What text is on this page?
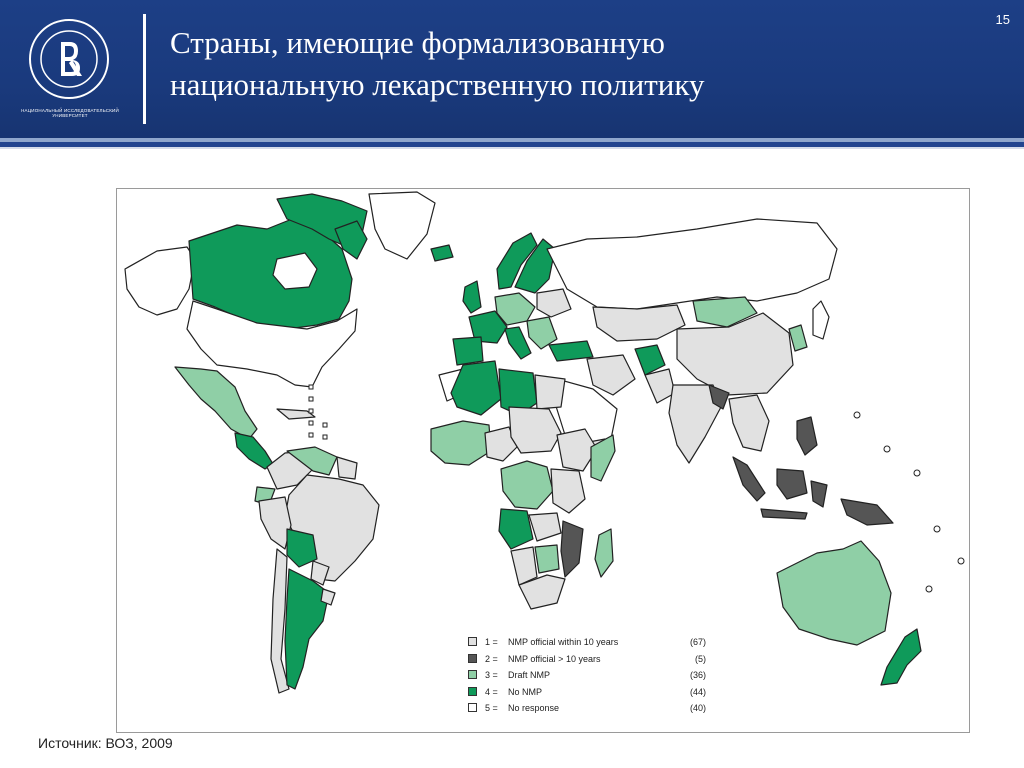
НАЦИОНАЛЬНЫЙ ИССЛЕДОВАТЕЛЬСКИЙ
УНИВЕРСИТЕТ
Страны, имеющие формализованную
национальную лекарственную политику
15
1 = NMP official within 10 years	(67)
2 = NMP official > 10 years	(5)
3 = Draft NMP	(36)
4 = No NMP	(44)
5 = No response	(40)
Источник: ВОЗ, 2009
